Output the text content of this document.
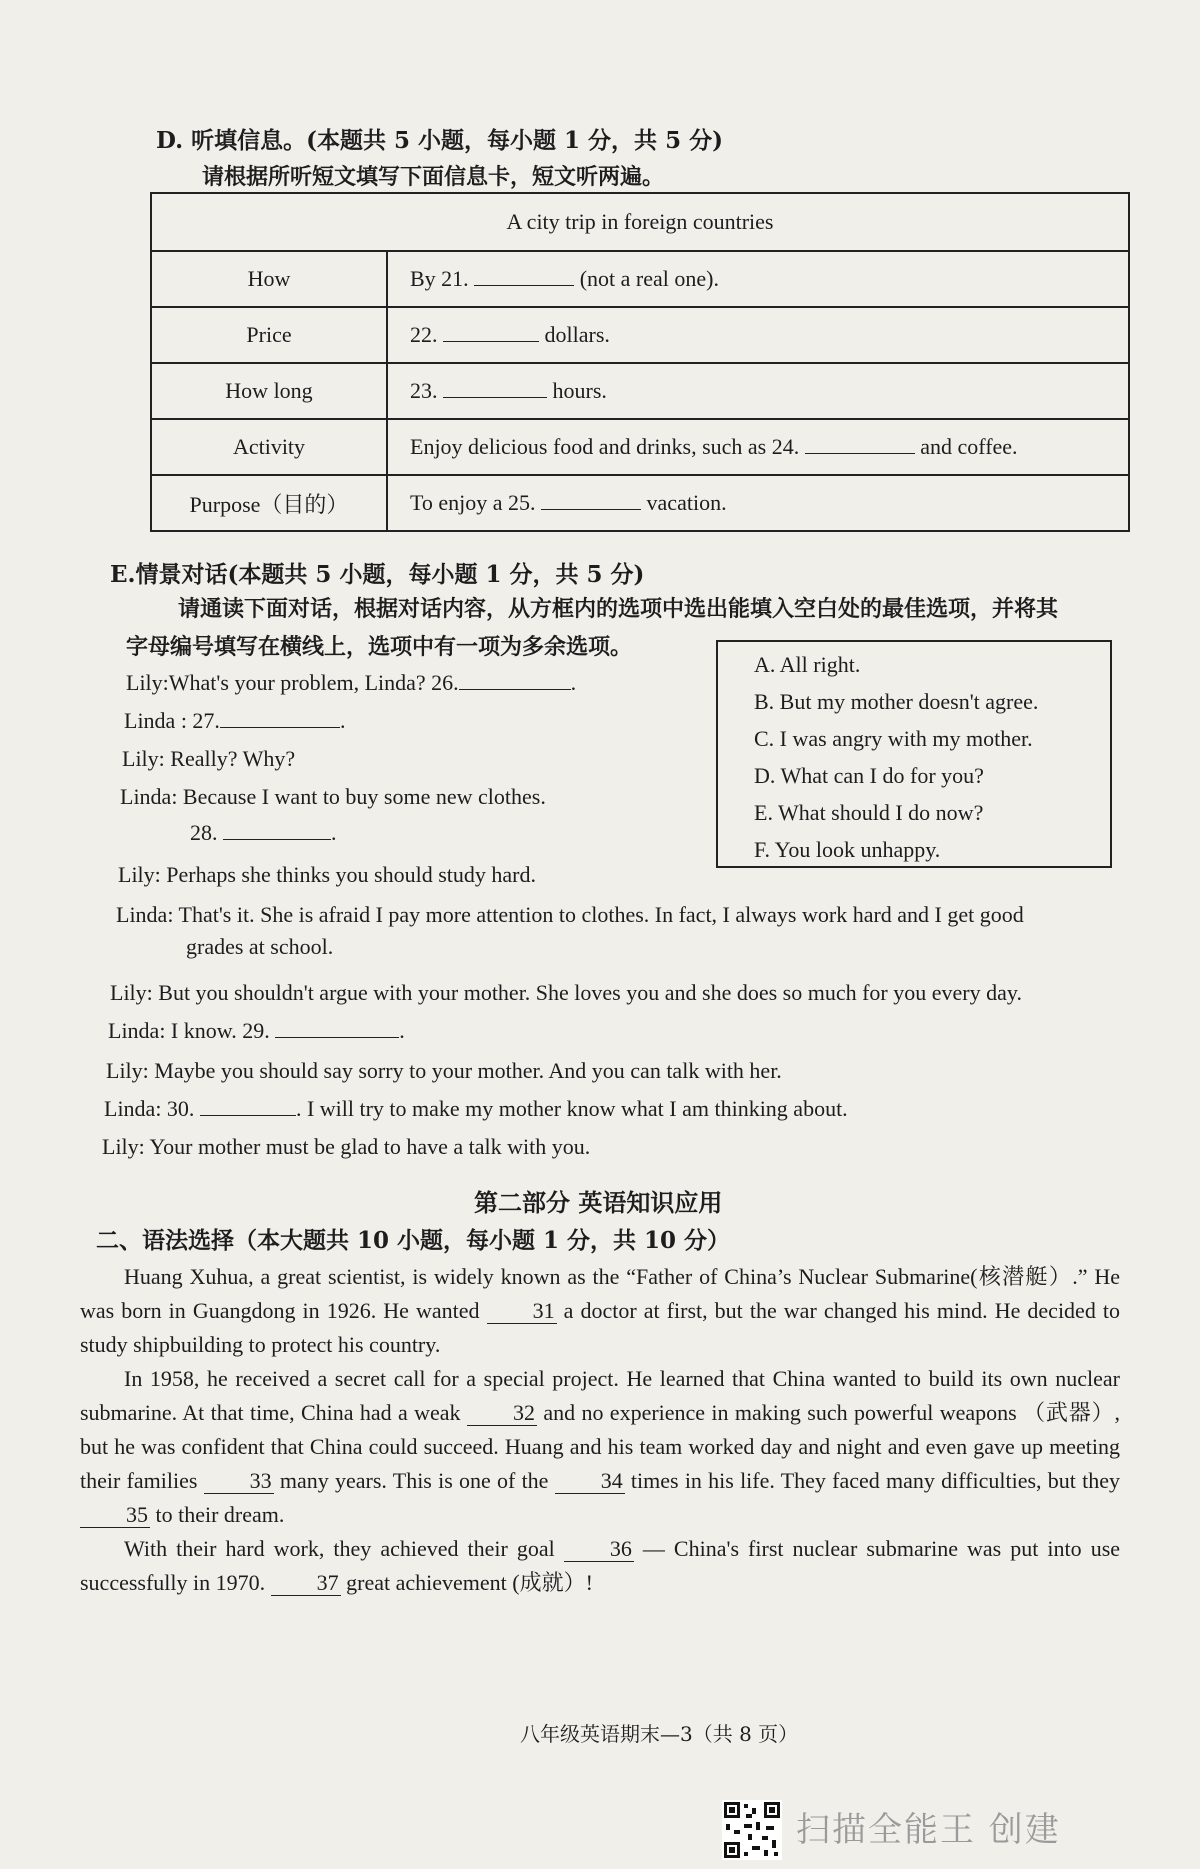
D. 听填信息。(本题共 5 小题，每小题 1 分，共 5 分)
请根据所听短文填写下面信息卡，短文听两遍。
A city trip in foreign countries	
How	By 21. (not a real one).
Price	22. dollars.
How long	23. hours.
Activity	Enjoy delicious food and drinks, such as 24. and coffee.
Purpose（目的）	To enjoy a 25. vacation.
E.情景对话(本题共 5 小题，每小题 1 分，共 5 分)
请通读下面对话，根据对话内容，从方框内的选项中选出能填入空白处的最佳选项，并将其
字母编号填写在横线上，选项中有一项为多余选项。
A. All right.
B. But my mother doesn't agree.
C. I was angry with my mother.
D. What can I do for you?
E. What should I do now?
F. You look unhappy.
Lily:What's your problem, Linda? 26.	.
Linda : 27.	.
Lily: Really? Why?
Linda: Because I want to buy some new clothes.
28.	.
Lily: Perhaps she thinks you should study hard.
Linda: That's it. She is afraid I pay more attention to clothes. In fact, I always work hard and I get good
grades at school.
Lily: But you shouldn't argue with your mother. She loves you and she does so much for you every day.
Linda: I know. 29.	.
Lily: Maybe you should say sorry to your mother. And you can talk with her.
Linda: 30.	. I will try to make my mother know what I am thinking about.
Lily: Your mother must be glad to have a talk with you.
第二部分 英语知识应用
二、语法选择（本大题共 10 小题，每小题 1 分，共 10 分）
Huang Xuhua, a great scientist, is widely known as the “Father of China’s Nuclear Submarine(核潜艇）.” He was born in Guangdong in 1926. He wanted 31 a doctor at first, but the war changed his mind. He decided to study shipbuilding to protect his country.
In 1958, he received a secret call for a special project. He learned that China wanted to build its own nuclear submarine. At that time, China had a weak 32 and no experience in making such powerful weapons （武器）, but he was confident that China could succeed. Huang and his team worked day and night and even gave up meeting their families 33 many years. This is one of the 34 times in his life. They faced many difficulties, but they 35 to their dream.
With their hard work, they achieved their goal	36 — China's first nuclear submarine was put into use successfully in 1970. 37 great achievement (成就）!
八年级英语期末—3（共 8 页）
扫描全能王 创建
